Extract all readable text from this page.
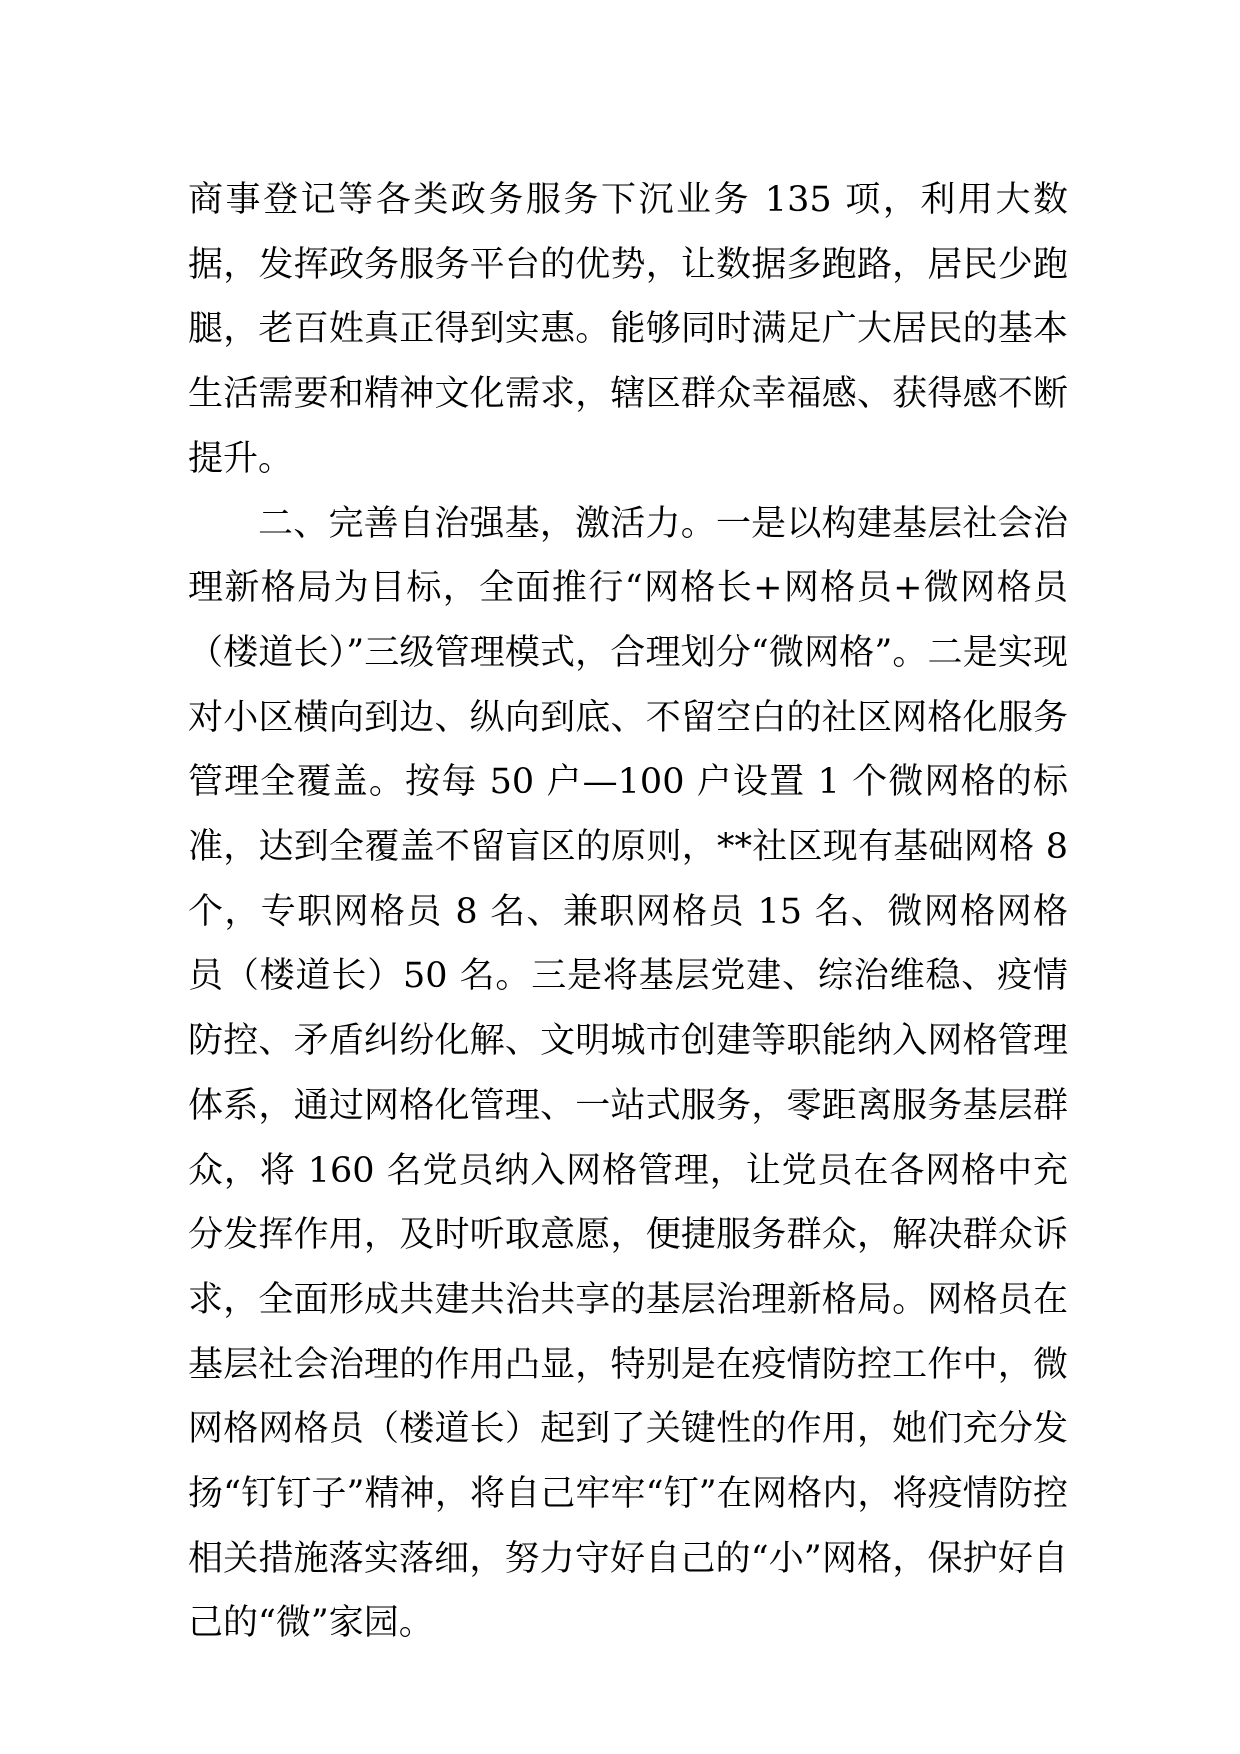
商事登记等各类政务服务下沉业务 135 项，利用大数据，发挥政务服务平台的优势，让数据多跑路，居民少跑腿，老百姓真正得到实惠。能够同时满足广大居民的基本生活需要和精神文化需求，辖区群众幸福感、获得感不断提升。

二、完善自治强基，激活力。一是以构建基层社会治理新格局为目标，全面推行“网格长+网格员+微网格员（楼道长）”三级管理模式，合理划分“微网格”。二是实现对小区横向到边、纵向到底、不留空白的社区网格化服务管理全覆盖。按每 50 户—100 户设置 1 个微网格的标准，达到全覆盖不留盲区的原则，**社区现有基础网格 8 个，专职网格员 8 名、兼职网格员 15 名、微网格网格员（楼道长）50 名。三是将基层党建、综治维稳、疫情防控、矛盾纠纷化解、文明城市创建等职能纳入网格管理体系，通过网格化管理、一站式服务，零距离服务基层群众，将 160 名党员纳入网格管理，让党员在各网格中充分发挥作用，及时听取意愿，便捷服务群众，解决群众诉求，全面形成共建共治共享的基层治理新格局。网格员在基层社会治理的作用凸显，特别是在疫情防控工作中，微网格网格员（楼道长）起到了关键性的作用，她们充分发扬“钉钉子”精神，将自己牢牢“钉”在网格内，将疫情防控相关措施落实落细，努力守好自己的“小”网格，保护好自己的“微”家园。
